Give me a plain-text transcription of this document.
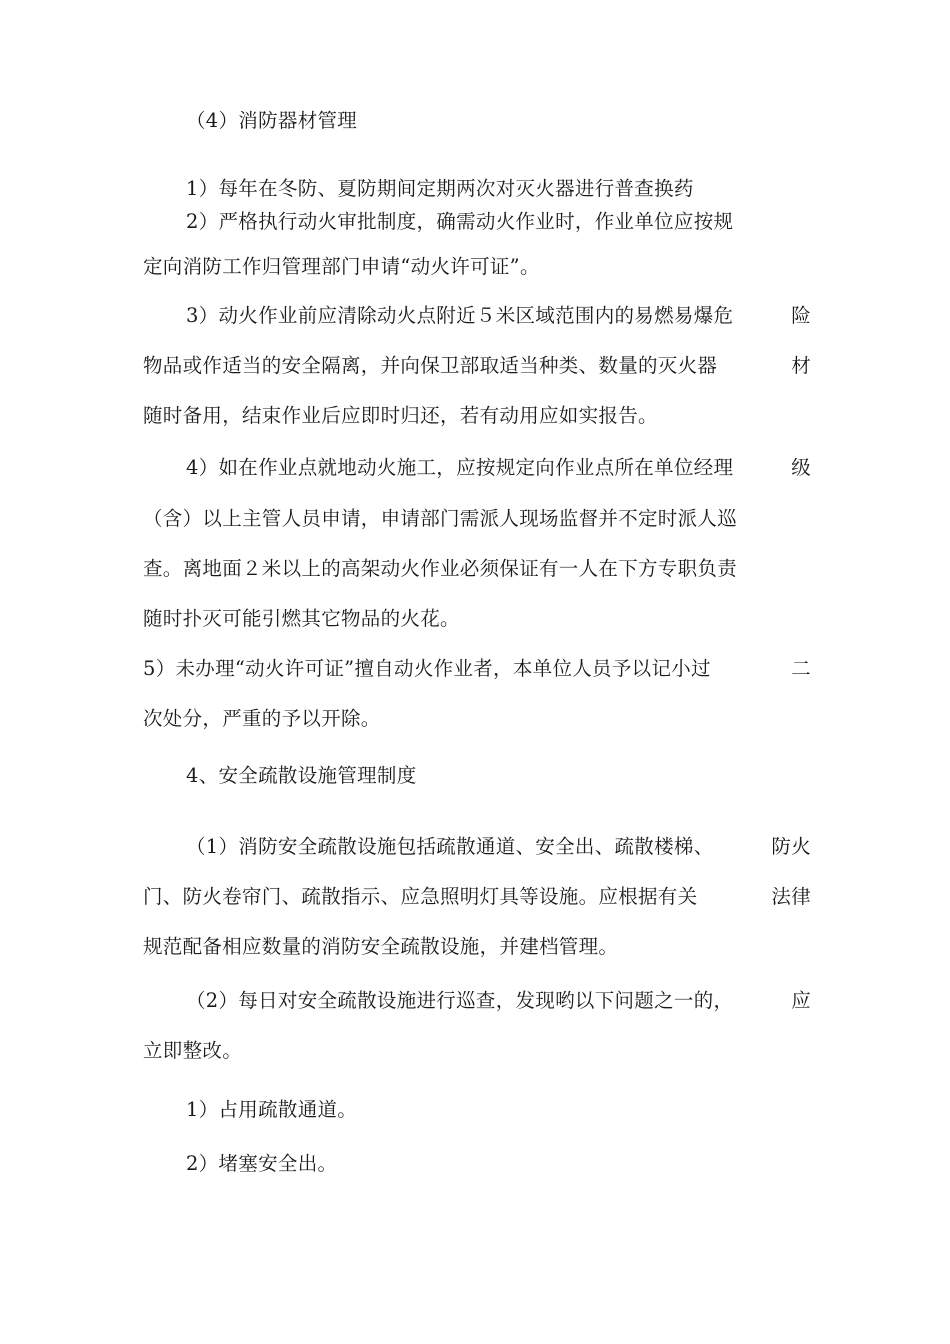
（4）消防器材管理
1）每年在冬防、夏防期间定期两次对灭火器进行普查换药
2）严格执行动火审批制度，确需动火作业时，作业单位应按规
定向消防工作归管理部门申请“动火许可证”。
3）动火作业前应清除动火点附近５米区域范围内的易燃易爆危	险
物品或作适当的安全隔离，并向保卫部取适当种类、数量的灭火器	材
随时备用，结束作业后应即时归还，若有动用应如实报告。
4）如在作业点就地动火施工，应按规定向作业点所在单位经理	级
（含）以上主管人员申请，申请部门需派人现场监督并不定时派人巡
查。离地面２米以上的高架动火作业必须保证有一人在下方专职负责
随时扑灭可能引燃其它物品的火花。
5）未办理“动火许可证”擅自动火作业者，本单位人员予以记小过	二
次处分，严重的予以开除。
4、安全疏散设施管理制度
（1）消防安全疏散设施包括疏散通道、安全出、疏散楼梯、	防火
门、防火卷帘门、疏散指示、应急照明灯具等设施。应根据有关	法律
规范配备相应数量的消防安全疏散设施，并建档管理。
（2）每日对安全疏散设施进行巡查，发现哟以下问题之一的，	应
立即整改。
1）占用疏散通道。
2）堵塞安全出。
